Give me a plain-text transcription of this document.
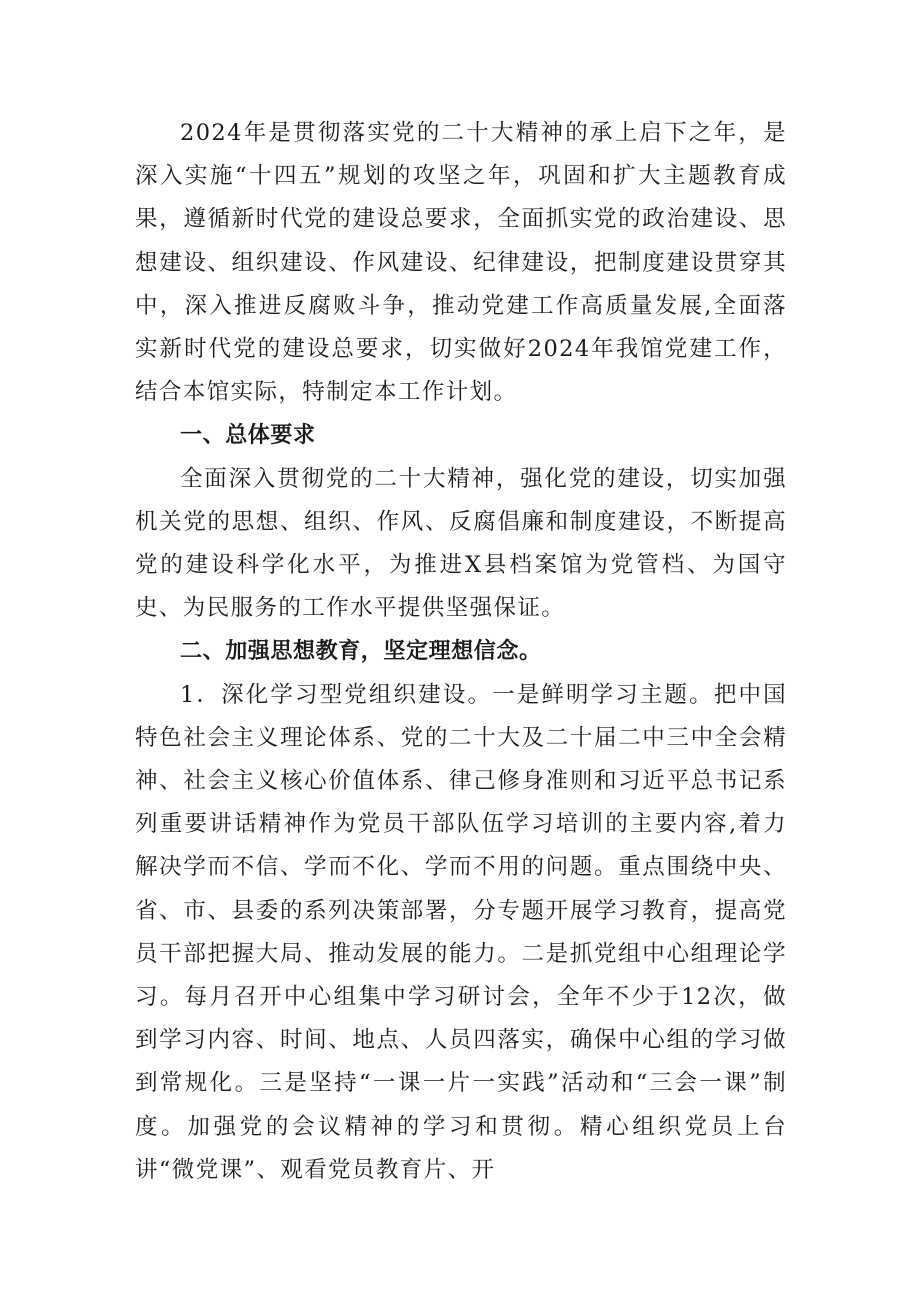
2024年是贯彻落实党的二十大精神的承上启下之年，是深入实施“十四五”规划的攻坚之年，巩固和扩大主题教育成果，遵循新时代党的建设总要求，全面抓实党的政治建设、思想建设、组织建设、作风建设、纪律建设，把制度建设贯穿其中，深入推进反腐败斗争，推动党建工作高质量发展,全面落实新时代党的建设总要求，切实做好2024年我馆党建工作，结合本馆实际，特制定本工作计划。

一、总体要求

全面深入贯彻党的二十大精神，强化党的建设，切实加强机关党的思想、组织、作风、反腐倡廉和制度建设，不断提高党的建设科学化水平，为推进X县档案馆为党管档、为国守史、为民服务的工作水平提供坚强保证。

二、加强思想教育，坚定理想信念。

1．深化学习型党组织建设。一是鲜明学习主题。把中国特色社会主义理论体系、党的二十大及二十届二中三中全会精神、社会主义核心价值体系、律己修身准则和习近平总书记系列重要讲话精神作为党员干部队伍学习培训的主要内容,着力解决学而不信、学而不化、学而不用的问题。重点围绕中央、省、市、县委的系列决策部署，分专题开展学习教育，提高党员干部把握大局、推动发展的能力。二是抓党组中心组理论学习。每月召开中心组集中学习研讨会，全年不少于12次，做到学习内容、时间、地点、人员四落实，确保中心组的学习做到常规化。三是坚持“一课一片一实践”活动和“三会一课”制度。加强党的会议精神的学习和贯彻。精心组织党员上台讲“微党课”、观看党员教育片、开
